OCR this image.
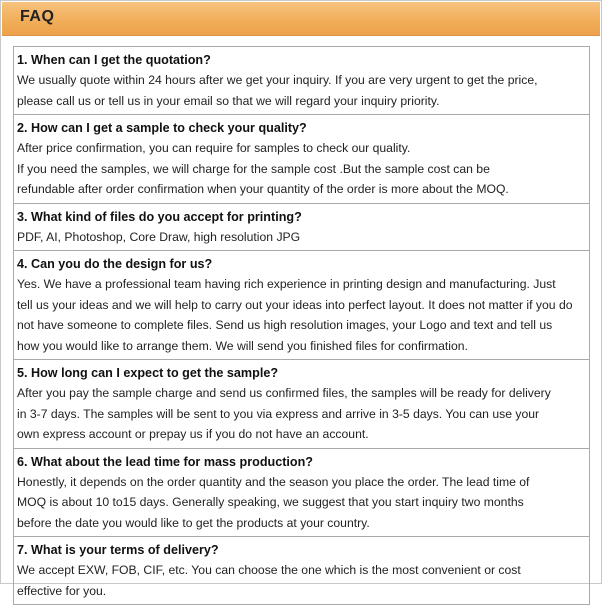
FAQ
1. When can I get the quotation?
We usually quote within 24 hours after we get your inquiry. If you are very urgent to get the price,
please call us or tell us in your email so that we will regard your inquiry priority.

2. How can I get a sample to check your quality?
After price confirmation, you can require for samples to check our quality.
If you need the samples, we will charge for the sample cost .But the sample cost can be
refundable after order confirmation when your quantity of the order is more about the MOQ.

3. What kind of files do you accept for printing?
PDF, AI, Photoshop, Core Draw, high resolution JPG

4. Can you do the design for us?
Yes. We have a professional team having rich experience in printing design and manufacturing. Just
tell us your ideas and we will help to carry out your ideas into perfect layout. It does not matter if you do
not have someone to complete files. Send us high resolution images, your Logo and text and tell us
how you would like to arrange them. We will send you finished files for confirmation.

5. How long can I expect to get the sample?
After you pay the sample charge and send us confirmed files, the samples will be ready for delivery
in 3-7 days. The samples will be sent to you via express and arrive in 3-5 days. You can use your
own express account or prepay us if you do not have an account.

6. What about the lead time for mass production?
Honestly, it depends on the order quantity and the season you place the order. The lead time of
MOQ is about 10 to15 days. Generally speaking, we suggest that you start inquiry two months
before the date you would like to get the products at your country.

7. What is your terms of delivery?
We accept EXW, FOB, CIF, etc. You can choose the one which is the most convenient or cost
effective for you.
